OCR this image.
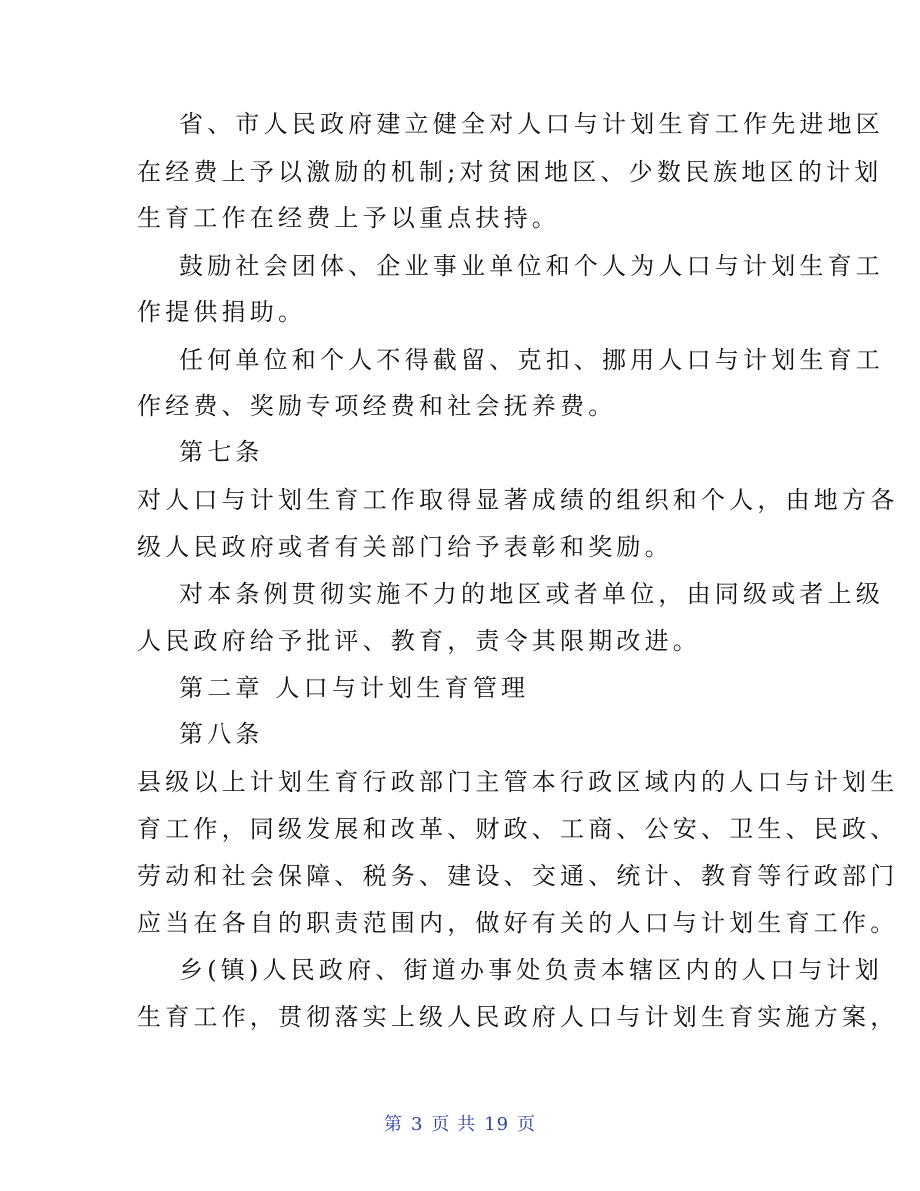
省、市人民政府建立健全对人口与计划生育工作先进地区
在经费上予以激励的机制;对贫困地区、少数民族地区的计划
生育工作在经费上予以重点扶持。
鼓励社会团体、企业事业单位和个人为人口与计划生育工
作提供捐助。
任何单位和个人不得截留、克扣、挪用人口与计划生育工
作经费、奖励专项经费和社会抚养费。
第七条
对人口与计划生育工作取得显著成绩的组织和个人，由地方各
级人民政府或者有关部门给予表彰和奖励。
对本条例贯彻实施不力的地区或者单位，由同级或者上级
人民政府给予批评、教育，责令其限期改进。
第二章 人口与计划生育管理
第八条
县级以上计划生育行政部门主管本行政区域内的人口与计划生
育工作，同级发展和改革、财政、工商、公安、卫生、民政、
劳动和社会保障、税务、建设、交通、统计、教育等行政部门
应当在各自的职责范围内，做好有关的人口与计划生育工作。
乡(镇)人民政府、街道办事处负责本辖区内的人口与计划
生育工作，贯彻落实上级人民政府人口与计划生育实施方案，
第 3 页 共 19 页
